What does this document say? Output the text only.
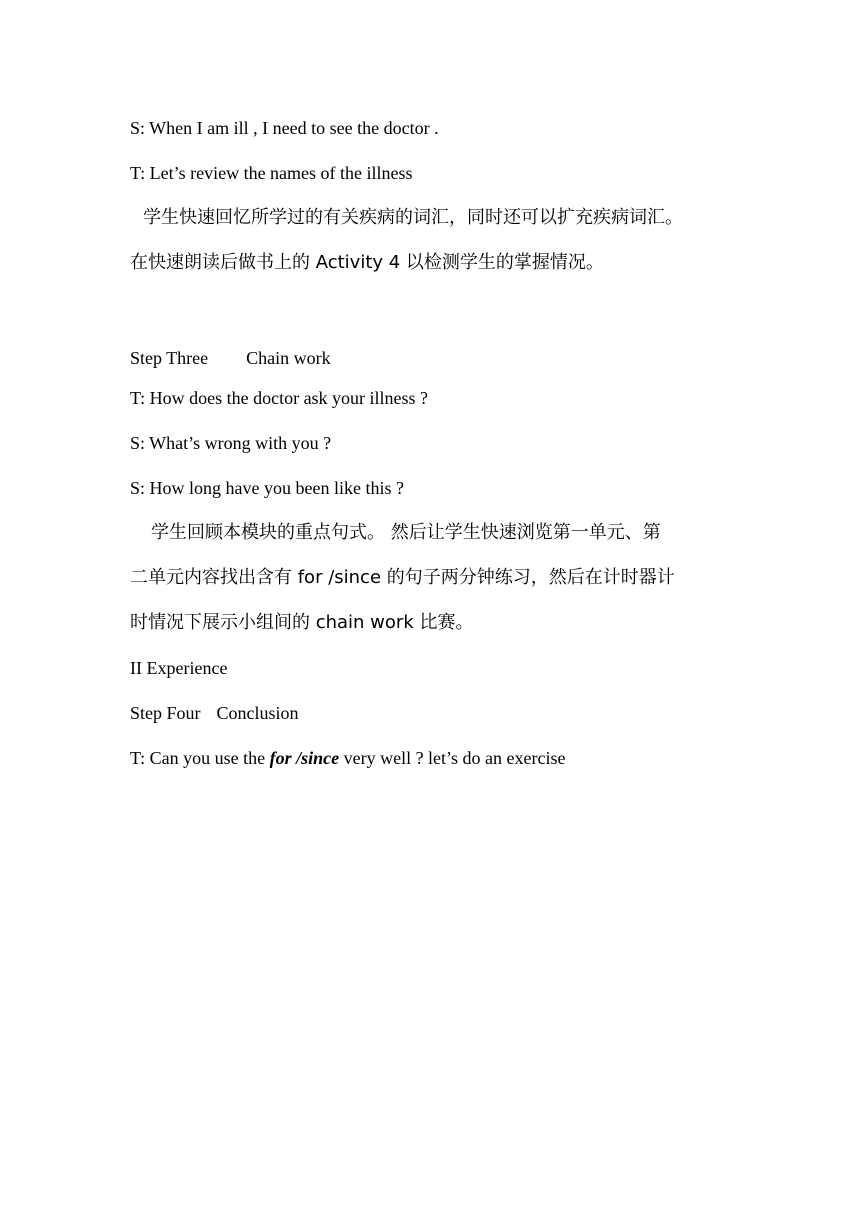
S: When I am ill , I need to see the doctor .
T: Let’s review the names of the illness
学生快速回忆所学过的有关疾病的词汇，同时还可以扩充疾病词汇。
在快速朗读后做书上的 Activity 4 以检测学生的掌握情况。
Step Three Chain work
T: How does the doctor ask your illness ?
S: What’s wrong with you ?
S: How long have you been like this ?
学生回顾本模块的重点句式。 然后让学生快速浏览第一单元、第
二单元内容找出含有 for /since 的句子两分钟练习，然后在计时器计
时情况下展示小组间的 chain work 比赛。
II Experience
Step Four Conclusion
T: Can you use the for /since very well ? let’s do an exercise
